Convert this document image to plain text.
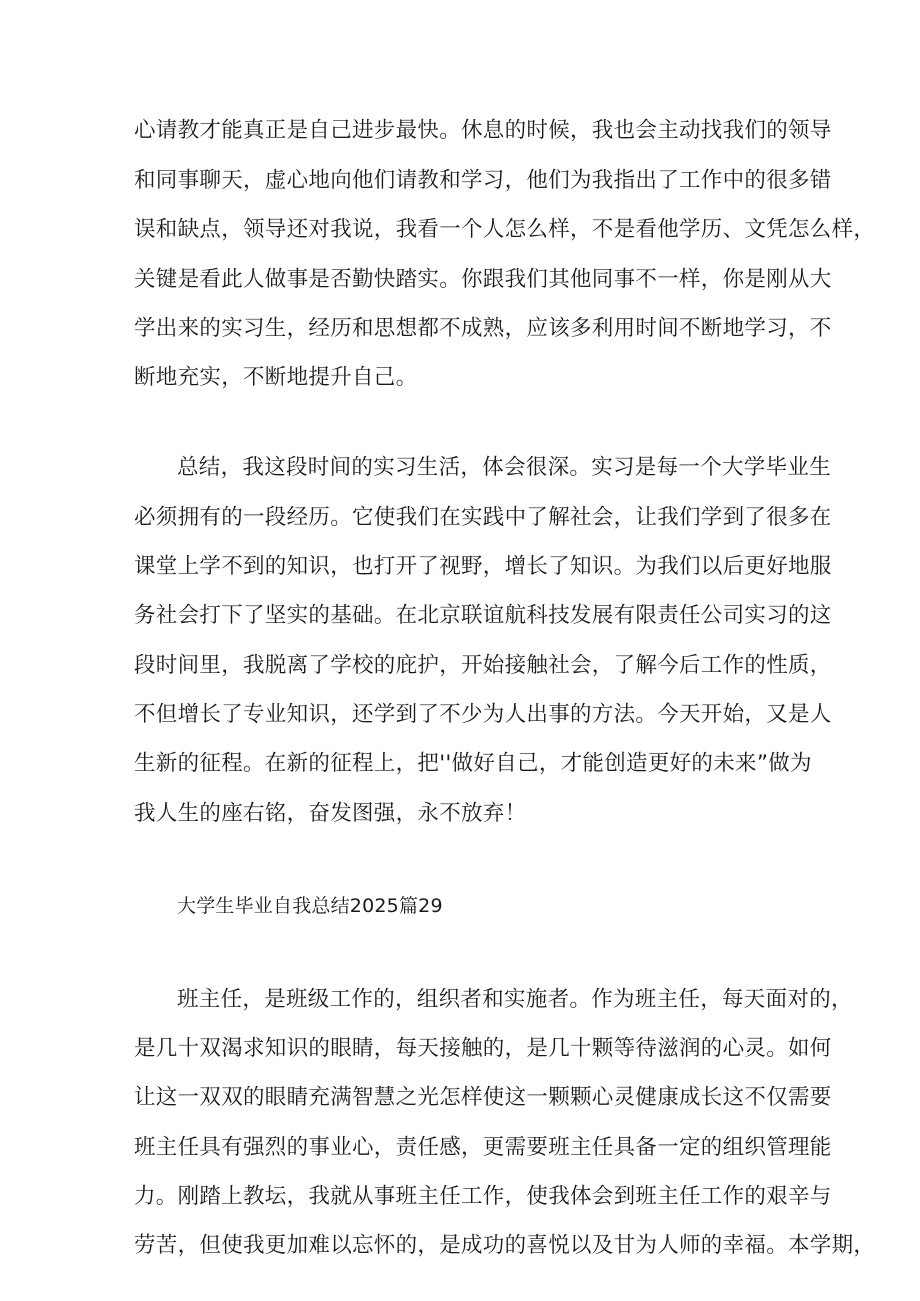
心请教才能真正是自己进步最快。休息的时候，我也会主动找我们的领导
和同事聊天，虚心地向他们请教和学习，他们为我指出了工作中的很多错
误和缺点，领导还对我说，我看一个人怎么样，不是看他学历、文凭怎么样，
关键是看此人做事是否勤快踏实。你跟我们其他同事不一样，你是刚从大
学出来的实习生，经历和思想都不成熟，应该多利用时间不断地学习，不
断地充实，不断地提升自己。
总结，我这段时间的实习生活，体会很深。实习是每一个大学毕业生
必须拥有的一段经历。它使我们在实践中了解社会，让我们学到了很多在
课堂上学不到的知识，也打开了视野，增长了知识。为我们以后更好地服
务社会打下了坚实的基础。在北京联谊航科技发展有限责任公司实习的这
段时间里，我脱离了学校的庇护，开始接触社会，了解今后工作的性质，
不但增长了专业知识，还学到了不少为人出事的方法。今天开始，又是人
生新的征程。在新的征程上，把''做好自己，才能创造更好的未来”做为
我人生的座右铭，奋发图强，永不放弃！
大学生毕业自我总结2025篇29
班主任，是班级工作的，组织者和实施者。作为班主任，每天面对的，
是几十双渴求知识的眼睛，每天接触的，是几十颗等待滋润的心灵。如何
让这一双双的眼睛充满智慧之光怎样使这一颗颗心灵健康成长这不仅需要
班主任具有强烈的事业心，责任感，更需要班主任具备一定的组织管理能
力。刚踏上教坛，我就从事班主任工作，使我体会到班主任工作的艰辛与
劳苦，但使我更加难以忘怀的，是成功的喜悦以及甘为人师的幸福。本学期，
